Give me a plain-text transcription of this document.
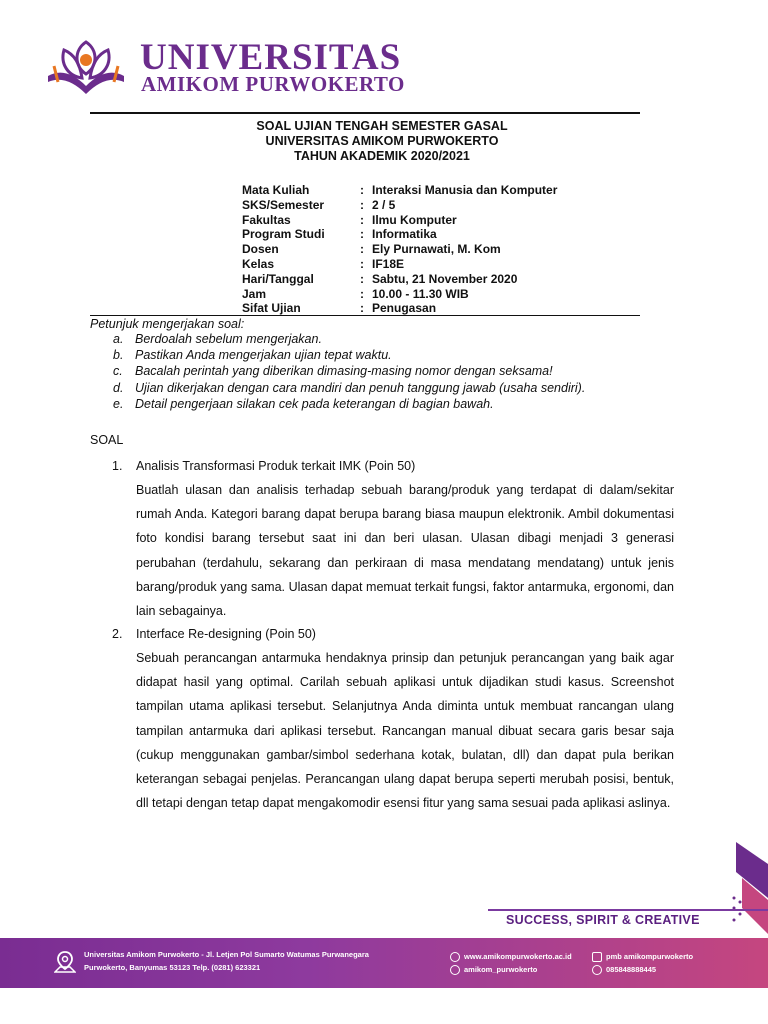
UNIVERSITAS
AMIKOM PURWOKERTO
SOAL UJIAN TENGAH SEMESTER GASAL
UNIVERSITAS AMIKOM PURWOKERTO
TAHUN AKADEMIK 2020/2021
Mata Kuliah	: Interaksi Manusia dan Komputer
SKS/Semester	: 2 / 5
Fakultas	: Ilmu Komputer
Program Studi	: Informatika
Dosen	: Ely Purnawati, M. Kom
Kelas	: IF18E
Hari/Tanggal	: Sabtu, 21 November 2020
Jam	: 10.00 - 11.30 WIB
Sifat Ujian	: Penugasan
Petunjuk mengerjakan soal:
a. Berdoalah sebelum mengerjakan.
b. Pastikan Anda mengerjakan ujian tepat waktu.
c. Bacalah perintah yang diberikan dimasing-masing nomor dengan seksama!
d. Ujian dikerjakan dengan cara mandiri dan penuh tanggung jawab (usaha sendiri).
e. Detail pengerjaan silakan cek pada keterangan di bagian bawah.
SOAL
1. Analisis Transformasi Produk terkait IMK (Poin 50)
Buatlah ulasan dan analisis terhadap sebuah barang/produk yang terdapat di dalam/sekitar rumah Anda. Kategori barang dapat berupa barang biasa maupun elektronik. Ambil dokumentasi foto kondisi barang tersebut saat ini dan beri ulasan. Ulasan dibagi menjadi 3 generasi perubahan (terdahulu, sekarang dan perkiraan di masa mendatang mendatang) untuk jenis barang/produk yang sama. Ulasan dapat memuat terkait fungsi, faktor antarmuka, ergonomi, dan lain sebagainya.
2. Interface Re-designing (Poin 50)
Sebuah perancangan antarmuka hendaknya prinsip dan petunjuk perancangan yang baik agar didapat hasil yang optimal. Carilah sebuah aplikasi untuk dijadikan studi kasus. Screenshot tampilan utama aplikasi tersebut. Selanjutnya Anda diminta untuk membuat rancangan ulang tampilan antarmuka dari aplikasi tersebut. Rancangan manual dibuat secara garis besar saja (cukup menggunakan gambar/simbol sederhana kotak, bulatan, dll) dan dapat pula berikan keterangan sebagai penjelas. Perancangan ulang dapat berupa seperti merubah posisi, bentuk, dll tetapi dengan tetap dapat mengakomodir esensi fitur yang sama sesuai pada aplikasi aslinya.
SUCCESS, SPIRIT & CREATIVE
Universitas Amikom Purwokerto - Jl. Letjen Pol Sumarto Watumas Purwanegara
Purwokerto, Banyumas 53123 Telp. (0281) 623321
www.amikompurwokerto.ac.id
amikom_purwokerto
pmb amikompurwokerto
085848888445
